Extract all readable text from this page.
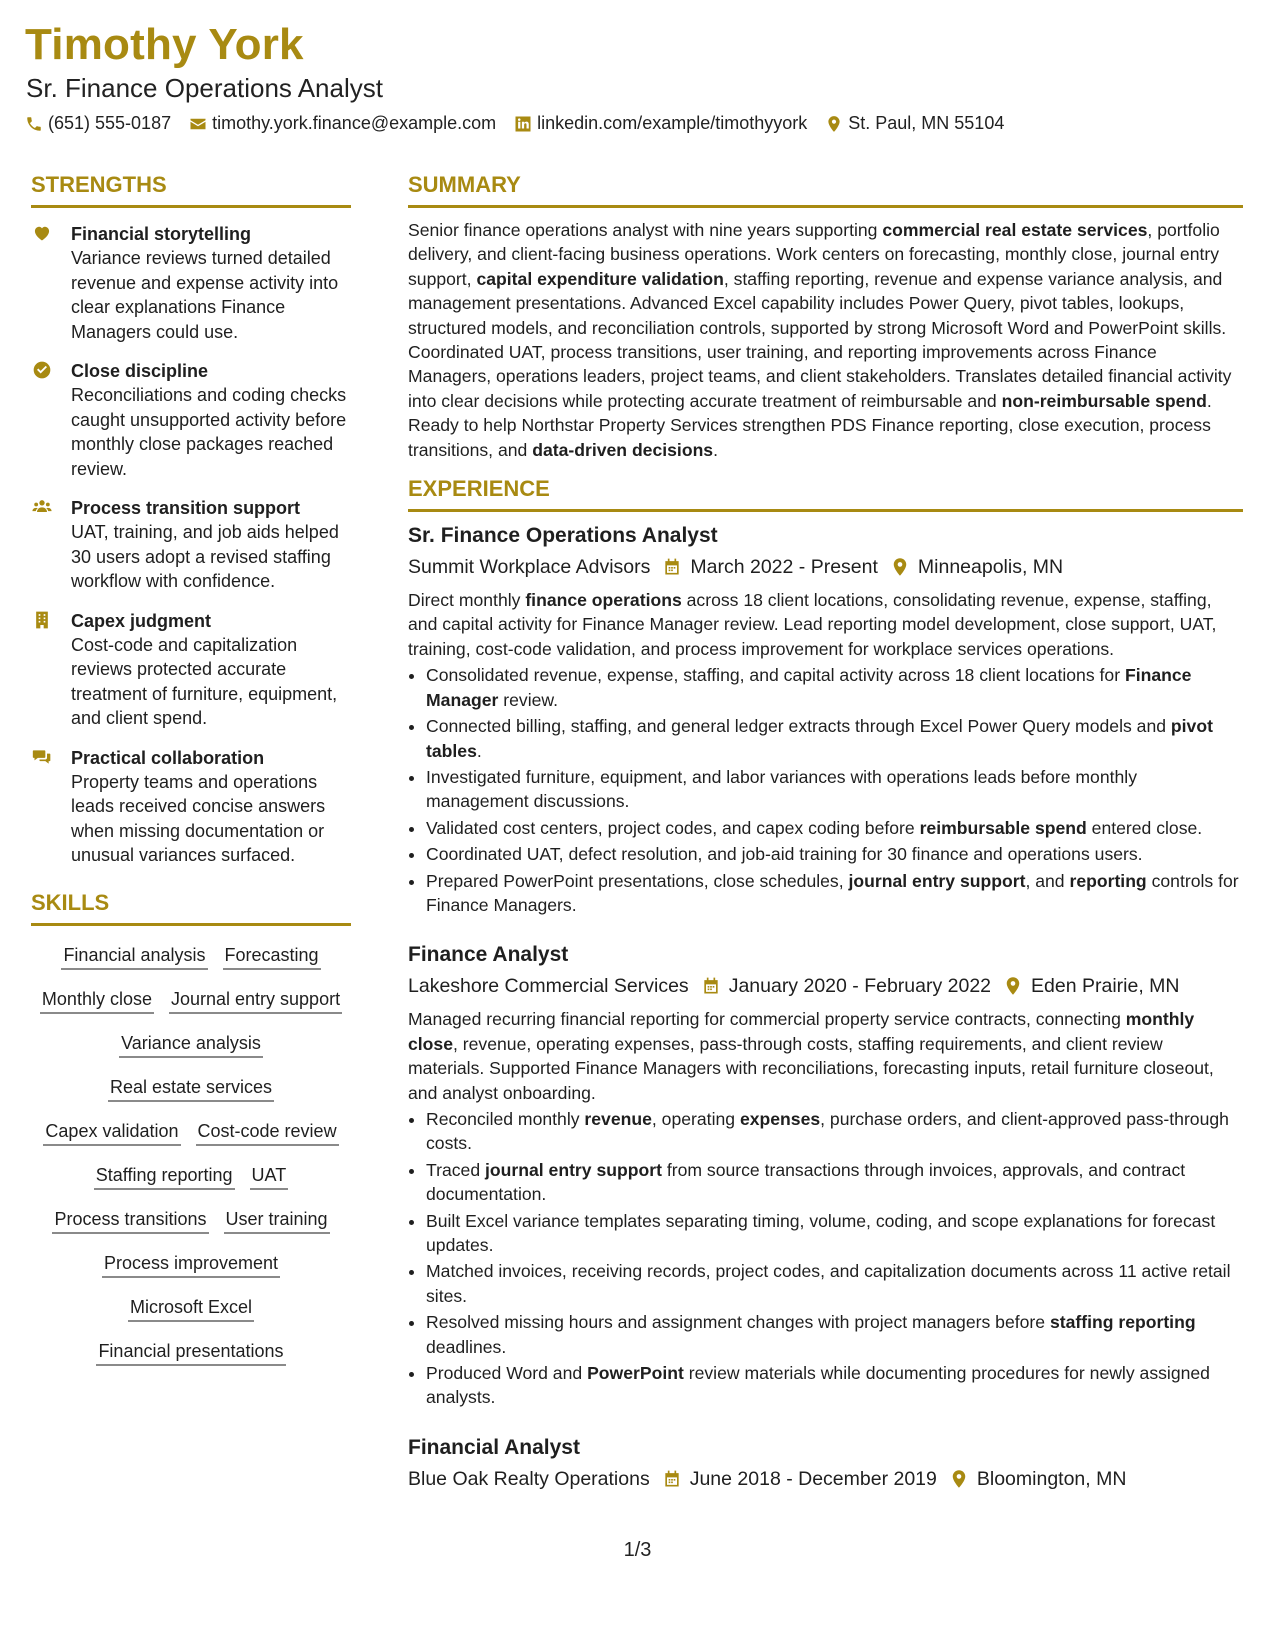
Timothy York
Sr. Finance Operations Analyst
(651) 555-0187 timothy.york.finance@example.com linkedin.com/example/timothyyork St. Paul, MN 55104
STRENGTHS
Financial storytelling
Variance reviews turned detailed revenue and expense activity into clear explanations Finance Managers could use.
Close discipline
Reconciliations and coding checks caught unsupported activity before monthly close packages reached review.
Process transition support
UAT, training, and job aids helped 30 users adopt a revised staffing workflow with confidence.
Capex judgment
Cost-code and capitalization reviews protected accurate treatment of furniture, equipment, and client spend.
Practical collaboration
Property teams and operations leads received concise answers when missing documentation or unusual variances surfaced.
SKILLS
Financial analysis Forecasting
Monthly close Journal entry support
Variance analysis
Real estate services
Capex validation Cost-code review
Staffing reporting UAT
Process transitions User training
Process improvement
Microsoft Excel
Financial presentations
SUMMARY

Senior finance operations analyst with nine years supporting commercial real estate services, portfolio delivery, and client-facing business operations. Work centers on forecasting, monthly close, journal entry support, capital expenditure validation, staffing reporting, revenue and expense variance analysis, and management presentations. Advanced Excel capability includes Power Query, pivot tables, lookups, structured models, and reconciliation controls, supported by strong Microsoft Word and PowerPoint skills. Coordinated UAT, process transitions, user training, and reporting improvements across Finance Managers, operations leaders, project teams, and client stakeholders. Translates detailed financial activity into clear decisions while protecting accurate treatment of reimbursable and non-reimbursable spend. Ready to help Northstar Property Services strengthen PDS Finance reporting, close execution, process transitions, and data-driven decisions.

EXPERIENCE
Sr. Finance Operations Analyst
Summit Workplace Advisors March 2022 - Present Minneapolis, MN

Direct monthly finance operations across 18 client locations, consolidating revenue, expense, staffing, and capital activity for Finance Manager review. Lead reporting model development, close support, UAT, training, cost-code validation, and process improvement for workplace services operations.

• Consolidated revenue, expense, staffing, and capital activity across 18 client locations for Finance Manager review.
• Connected billing, staffing, and general ledger extracts through Excel Power Query models and pivot tables.
• Investigated furniture, equipment, and labor variances with operations leads before monthly management discussions.
• Validated cost centers, project codes, and capex coding before reimbursable spend entered close.
• Coordinated UAT, defect resolution, and job-aid training for 30 finance and operations users.
• Prepared PowerPoint presentations, close schedules, journal entry support, and reporting controls for Finance Managers.
Finance Analyst
Lakeshore Commercial Services January 2020 - February 2022 Eden Prairie, MN

Managed recurring financial reporting for commercial property service contracts, connecting monthly close, revenue, operating expenses, pass-through costs, staffing requirements, and client review materials. Supported Finance Managers with reconciliations, forecasting inputs, retail furniture closeout, and analyst onboarding.

• Reconciled monthly revenue, operating expenses, purchase orders, and client-approved pass-through costs.
• Traced journal entry support from source transactions through invoices, approvals, and contract documentation.
• Built Excel variance templates separating timing, volume, coding, and scope explanations for forecast updates.
• Matched invoices, receiving records, project codes, and capitalization documents across 11 active retail sites.
• Resolved missing hours and assignment changes with project managers before staffing reporting deadlines.
• Produced Word and PowerPoint review materials while documenting procedures for newly assigned analysts.
Financial Analyst
Blue Oak Realty Operations June 2018 - December 2019 Bloomington, MN
1/3
